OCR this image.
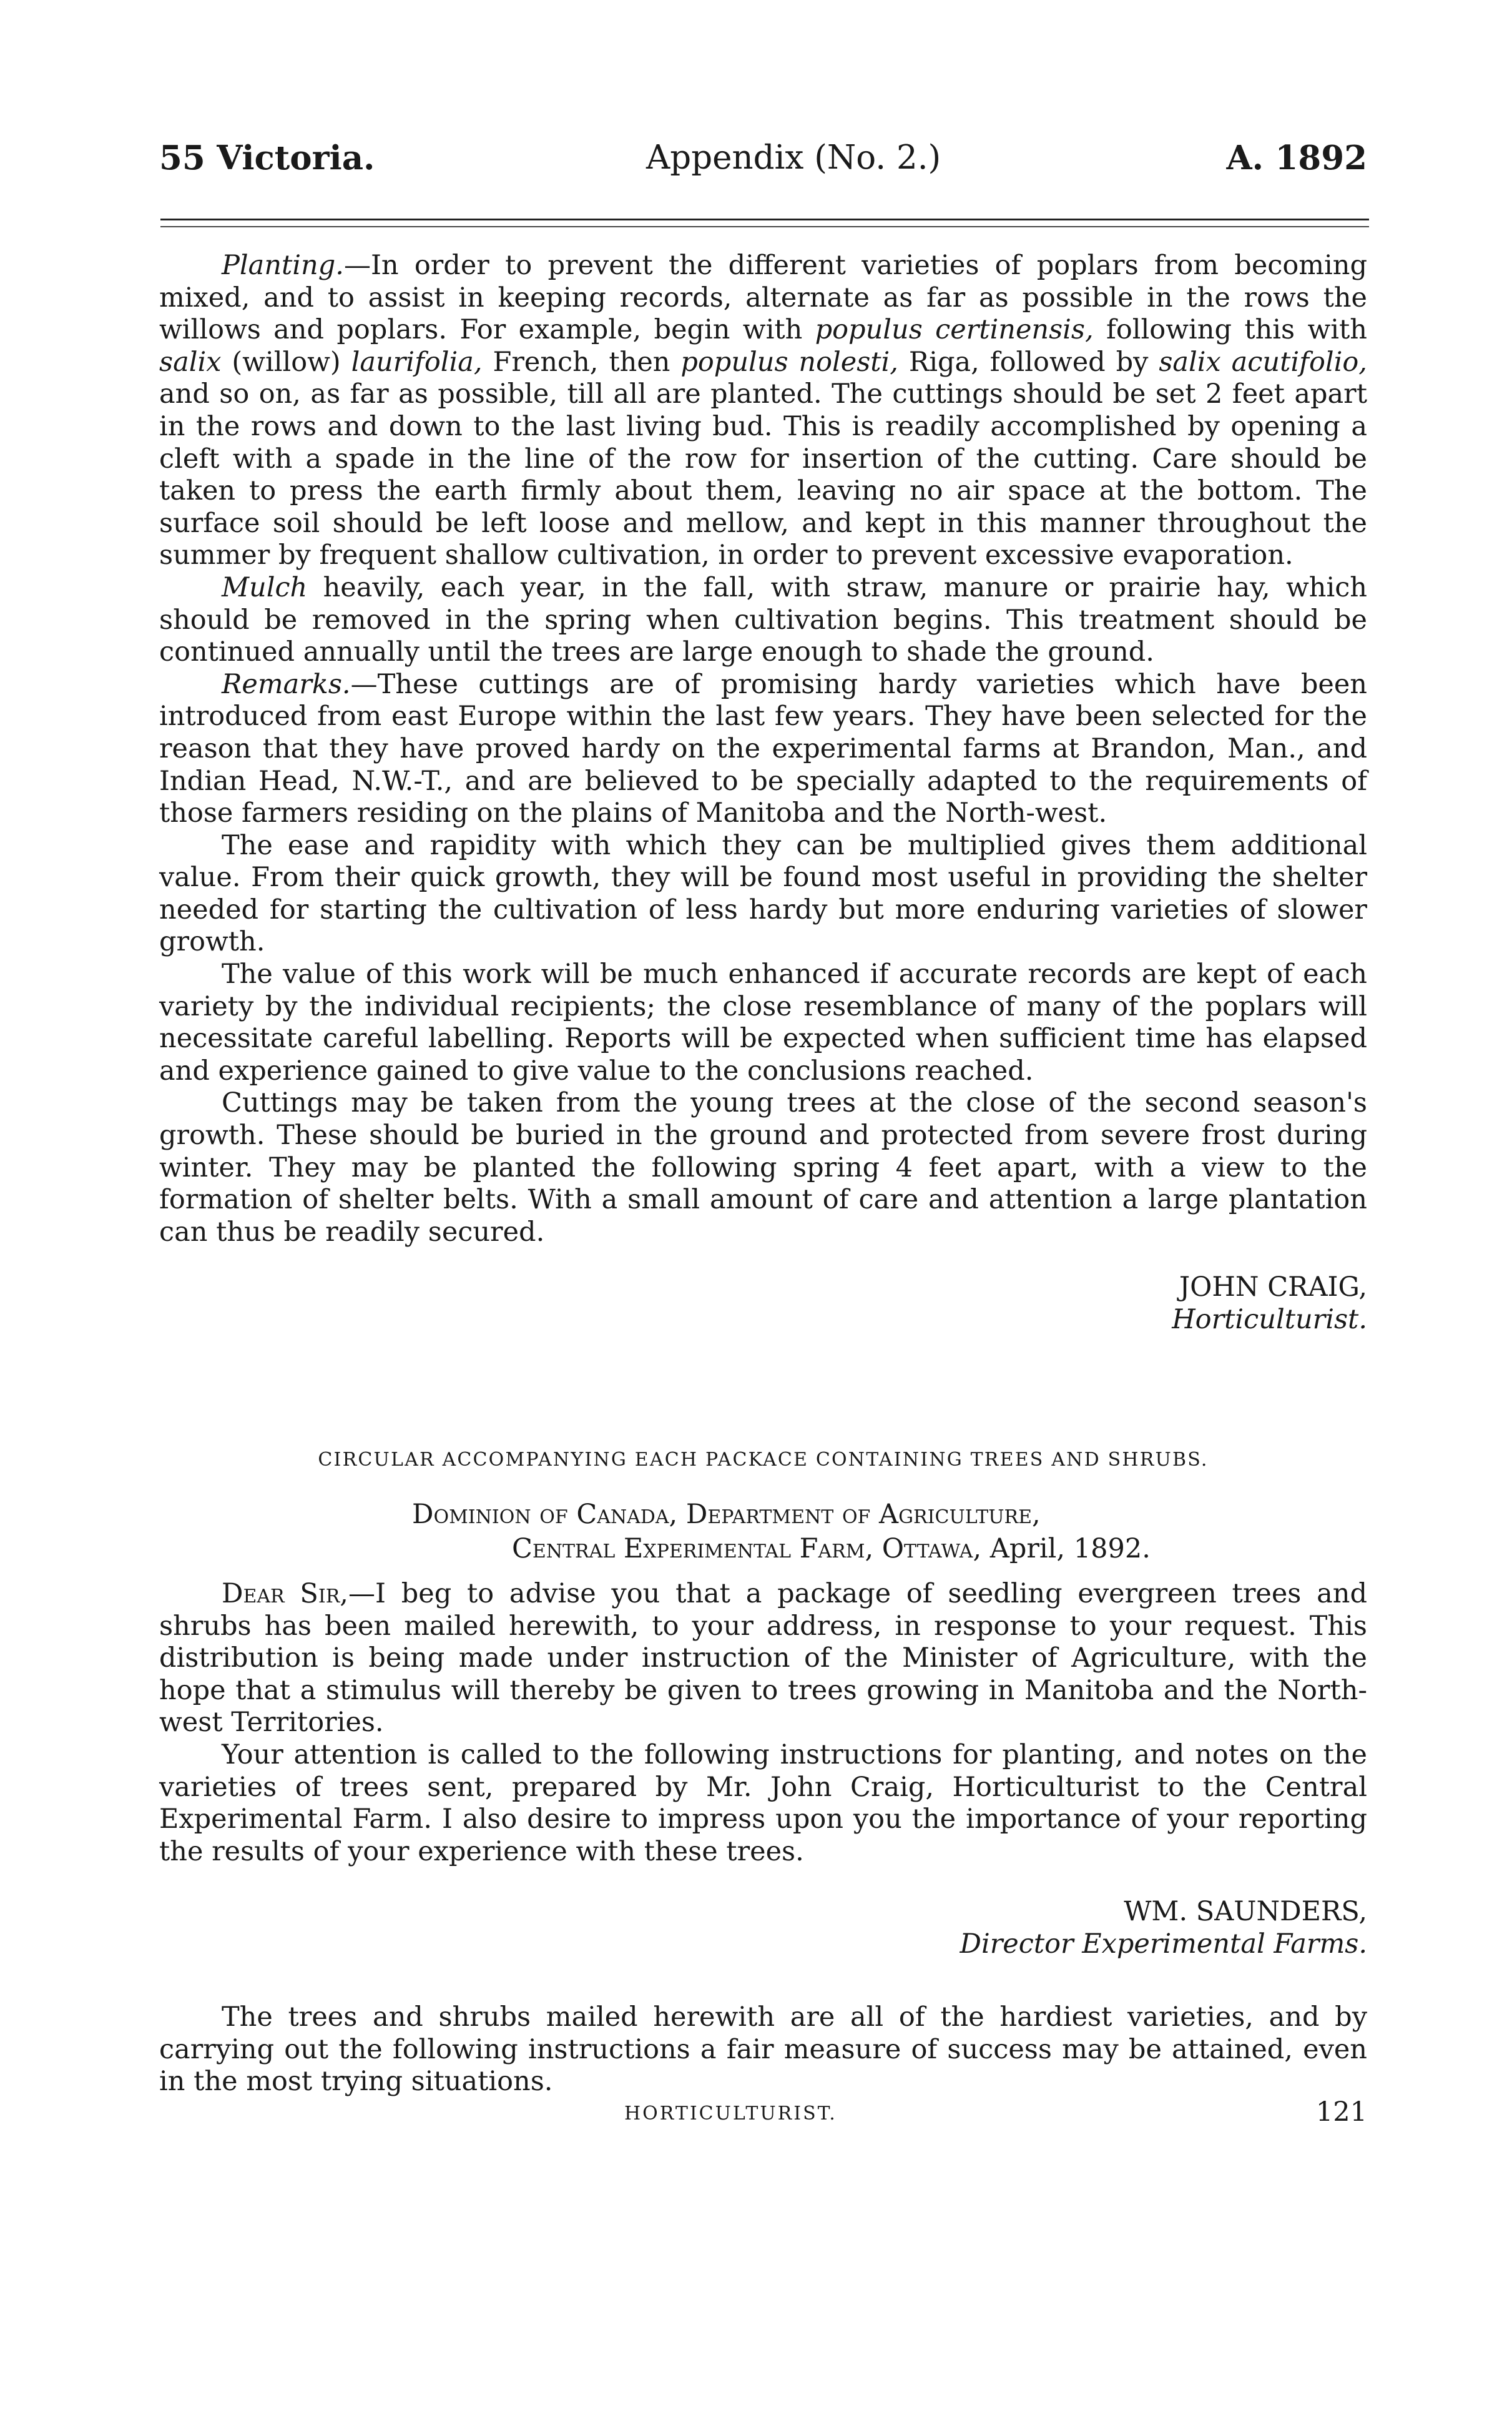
55 Victoria.	Appendix (No. 2.)	A. 1892

Planting.—In order to prevent the different varieties of poplars from becoming mixed, and to assist in keeping records, alternate as far as possible in the rows the willows and poplars. For example, begin with populus certinensis, following this with salix (willow) laurifolia, French, then populus nolesti, Riga, followed by salix acutifolio, and so on, as far as possible, till all are planted. The cuttings should be set 2 feet apart in the rows and down to the last living bud. This is readily accomplished by opening a cleft with a spade in the line of the row for insertion of the cutting. Care should be taken to press the earth firmly about them, leaving no air space at the bottom. The surface soil should be left loose and mellow, and kept in this manner throughout the summer by frequent shallow cultivation, in order to prevent excessive evaporation.

Mulch heavily, each year, in the fall, with straw, manure or prairie hay, which should be removed in the spring when cultivation begins. This treatment should be continued annually until the trees are large enough to shade the ground.

Remarks.—These cuttings are of promising hardy varieties which have been introduced from east Europe within the last few years. They have been selected for the reason that they have proved hardy on the experimental farms at Brandon, Man., and Indian Head, N.W.-T., and are believed to be specially adapted to the requirements of those farmers residing on the plains of Manitoba and the North-west.

The ease and rapidity with which they can be multiplied gives them additional value. From their quick growth, they will be found most useful in providing the shelter needed for starting the cultivation of less hardy but more enduring varieties of slower growth.

The value of this work will be much enhanced if accurate records are kept of each variety by the individual recipients; the close resemblance of many of the poplars will necessitate careful labelling. Reports will be expected when sufficient time has elapsed and experience gained to give value to the conclusions reached.

Cuttings may be taken from the young trees at the close of the second season's growth. These should be buried in the ground and protected from severe frost during winter. They may be planted the following spring 4 feet apart, with a view to the formation of shelter belts. With a small amount of care and attention a large plantation can thus be readily secured.

JOHN CRAIG,
Horticulturist.
CIRCULAR ACCOMPANYING EACH PACKACE CONTAINING TREES AND SHRUBS.
Dominion of Canada, Department of Agriculture,
Central Experimental Farm, Ottawa, April, 1892.

Dear Sir,—I beg to advise you that a package of seedling evergreen trees and shrubs has been mailed herewith, to your address, in response to your request. This distribution is being made under instruction of the Minister of Agriculture, with the hope that a stimulus will thereby be given to trees growing in Manitoba and the North-west Territories.

Your attention is called to the following instructions for planting, and notes on the varieties of trees sent, prepared by Mr. John Craig, Horticulturist to the Central Experimental Farm. I also desire to impress upon you the importance of your reporting the results of your experience with these trees.

WM. SAUNDERS,
Director Experimental Farms.

The trees and shrubs mailed herewith are all of the hardiest varieties, and by carrying out the following instructions a fair measure of success may be attained, even in the most trying situations.

HORTICULTURIST.	121
